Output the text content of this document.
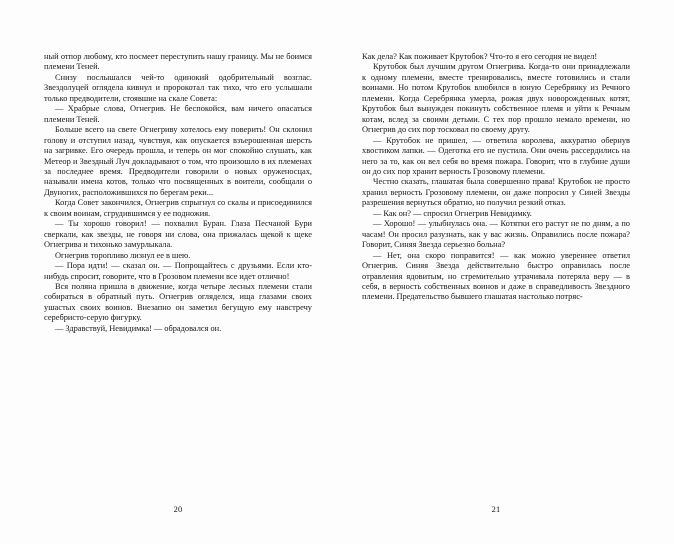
ный отпор любому, кто посмеет переступить нашу границу. Мы не боимся племени Теней.

Снизу послышался чей-то одинокий одобрительный возглас. Звездолуцей оглядела кивнул и пророкотал так тихо, что его услышали только предводители, стоявшие на скале Совета:

— Храбрые слова, Огнегрив. Не беспокойся, вам ничего опасаться племени Теней.

Больше всего на свете Огнегриву хотелось ему поверить! Он склонил голову и отступил назад, чувствуя, как опускается взъерошенная шерсть на загривке. Его очередь прошла, и теперь он мог спокойно слушать, как Метеор и Звездный Луч докладывают о том, что произошло в их племенах за последнее время. Предводители говорили о новых оруженосцах, называли имена котов, только что посвященных в воители, сообщали о Двуногих, расположившихся по берегам реки...

Когда Совет закончился, Огнегрив спрыгнул со скалы и присоединился к своим воинам, сгрудившимся у ее подножия.

— Ты хорошо говорил! — похвалил Буран. Глаза Песчаной Бури сверкали, как звезды, не говоря ни слова, она прижалась щекой к щеке Огнегрива и тихонько замурлыкала.

Огнегрив торопливо лизнул ее в шею.

— Пора идти! — сказал он. — Попрощайтесь с друзьями. Если кто-нибудь спросит, говорите, что в Грозовом племени все идет отлично!

Вся поляна пришла в движение, когда четыре лесных племени стали собираться в обратный путь. Огнегрив огляделся, ища глазами своих ушастых своих воинов. Внезапно он заметил бегущую ему навстречу серебристо-серую фигурку.

— Здравствуй, Невидимка! — обрадовался он.

20

Как дела? Как поживает Крутобок? Что-то я его сегодня не видел!

Крутобок был лучшим другом Огнегрива. Когда-то они принадлежали к одному племени, вместе тренировались, вместе готовились и стали воинами. Но потом Крутобок влюбился в юную Серебрянку из Речного племени. Когда Серебрянка умерла, рожая двух новорожденных котят, Крутобок был вынужден покинуть собственное племя и уйти к Речным котам, вслед за своими детьми. С тех пор прошло немало времени, но Огнегрив до сих пор тосковал по своему другу.

— Крутобок не пришел, — ответила королева, аккуратно обернув хвостиком лапки. — Одеготка его не пустила. Они очень рассердились на него за то, как он вел себя во время пожара. Говорит, что в глубине души он до сих пор хранит верность Грозовому племени.

Честно сказать, глашатая была совершенно права! Крутобок не просто хранил верность Грозовому племени, он даже попросил у Синей Звезды разрешения вернуться обратно, но получил резкий отказ.

— Как он? — спросил Огнегрив Невидимку.

— Хорошо! — улыбнулась она. — Котятки его растут не по дням, а по часам! Он просил разузнать, как у вас жизнь. Оправились после пожара? Говорит, Синяя Звезда серьезно больна?

— Нет, она скоро поправится! — как можно увереннее ответил Огнегрив. Синяя Звезда действительно быстро оправилась после отравления ядовитым, но стремительно утрачивала потеряла веру — в себя, в верность собственных воинов и даже в справедливость Звездного племени. Предательство бывшего глашатая настолько потряс-

21
